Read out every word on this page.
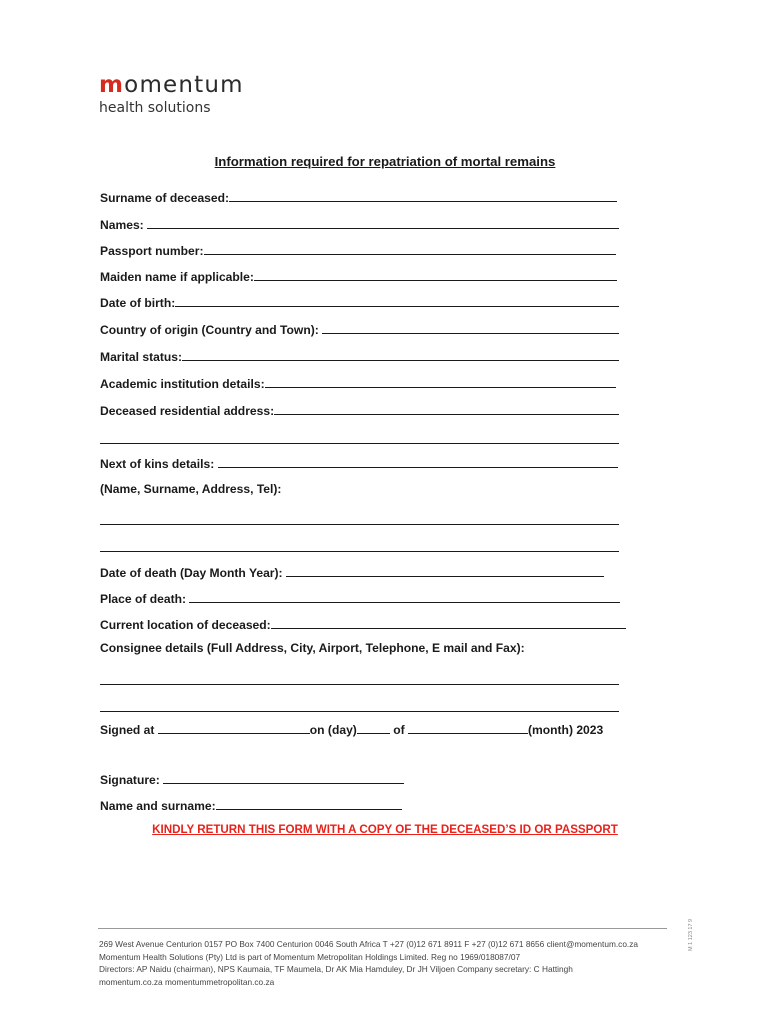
momentum
health solutions
Information required for repatriation of mortal remains
Surname of deceased:
Names:
Passport number:
Maiden name if applicable:
Date of birth:
Country of origin (Country and Town):
Marital status:
Academic institution details:
Deceased residential address:
Next of kins details:
(Name, Surname, Address, Tel):
Date of death (Day Month Year):
Place of death:
Current location of deceased:
Consignee details (Full Address, City, Airport, Telephone, E mail and Fax):
Signed at	on (day)	of	(month) 2023
Signature:
Name and surname:
KINDLY RETURN THIS FORM WITH A COPY OF THE DECEASED’S ID OR PASSPORT
269 West Avenue Centurion 0157 PO Box 7400 Centurion 0046 South Africa T +27 (0)12 671 8911 F +27 (0)12 671 8656 client@momentum.co.za
Momentum Health Solutions (Pty) Ltd is part of Momentum Metropolitan Holdings Limited. Reg no 1969/018087/07
Directors: AP Naidu (chairman), NPS Kaumaia, TF Maumela, Dr AK Mia Hamduley, Dr JH Viljoen Company secretary: C Hattingh
momentum.co.za momentummetropolitan.co.za
M 1 123 17 9
